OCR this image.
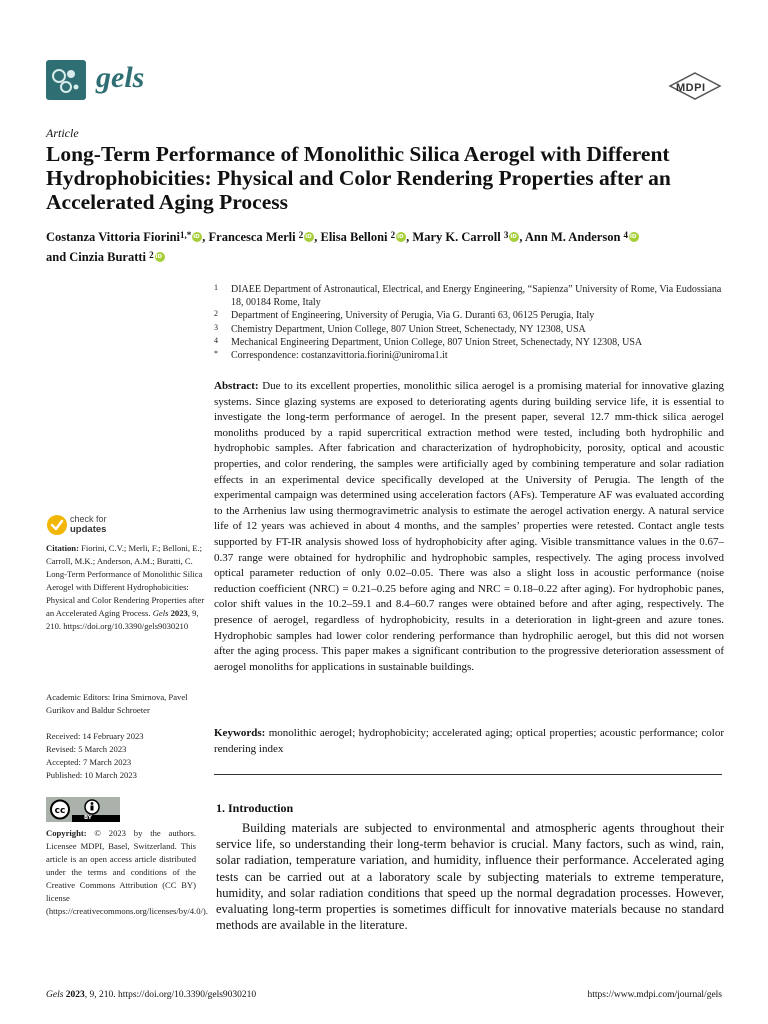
gels	MDPI
Article
Long-Term Performance of Monolithic Silica Aerogel with Different Hydrophobicities: Physical and Color Rendering Properties after an Accelerated Aging Process
Costanza Vittoria Fiorini$^{1,*}$ iD , Francesca Merli $^2$ iD , Elisa Belloni $^2$ iD , Mary K. Carroll $^3$ iD , Ann M. Anderson $^4$iD
and Cinzia Buratti $^2$iD
1	DIAEE Department of Astronautical, Electrical, and Energy Engineering, “Sapienza” University of Rome, Via Eudossiana 18, 00184 Rome, Italy
2	Department of Engineering, University of Perugia, Via G. Duranti 63, 06125 Perugia, Italy
3	Chemistry Department, Union College, 807 Union Street, Schenectady, NY 12308, USA
4	Mechanical Engineering Department, Union College, 807 Union Street, Schenectady, NY 12308, USA
*	Correspondence: costanzavittoria.fiorini@uniroma1.it
Abstract: Due to its excellent properties, monolithic silica aerogel is a promising material for innovative glazing systems. Since glazing systems are exposed to deteriorating agents during building service life, it is essential to investigate the long-term performance of aerogel. In the present paper, several 12.7 mm-thick silica aerogel monoliths produced by a rapid supercritical extraction method were tested, including both hydrophilic and hydrophobic samples. After fabrication and characterization of hydrophobicity, porosity, optical and acoustic properties, and color rendering, the samples were artificially aged by combining temperature and solar radiation effects in an experimental device specifically developed at the University of Perugia. The length of the experimental campaign was determined using acceleration factors (AFs). Temperature AF was evaluated according to the Arrhenius law using thermogravimetric analysis to estimate the aerogel activation energy. A natural service life of 12 years was achieved in about 4 months, and the samples’ properties were retested. Contact angle tests supported by FT-IR analysis showed loss of hydrophobicity after aging. Visible transmittance values in the 0.67–0.37 range were obtained for hydrophilic and hydrophobic samples, respectively. The aging process involved optical parameter reduction of only 0.02–0.05. There was also a slight loss in acoustic performance (noise reduction coefficient (NRC) = 0.21–0.25 before aging and NRC = 0.18–0.22 after aging). For hydrophobic panes, color shift values in the 10.2–59.1 and 8.4–60.7 ranges were obtained before and after aging, respectively. The presence of aerogel, regardless of hydrophobicity, results in a deterioration in light-green and azure tones. Hydrophobic samples had lower color rendering performance than hydrophilic aerogel, but this did not worsen after the aging process. This paper makes a significant contribution to the progressive deterioration assessment of aerogel monoliths for applications in sustainable buildings.
Keywords: monolithic aerogel; hydrophobicity; accelerated aging; optical properties; acoustic performance; color rendering index
1. Introduction
Building materials are subjected to environmental and atmospheric agents throughout their service life, so understanding their long-term behavior is crucial. Many factors, such as wind, rain, solar radiation, temperature variation, and humidity, influence their performance. Accelerated aging tests can be carried out at a laboratory scale by subjecting materials to extreme temperature, humidity, and solar radiation conditions that speed up the normal degradation processes. However, evaluating long-term properties is sometimes difficult for innovative materials because no standard methods are available in the literature.
check for
updates
Citation: Fiorini, C.V.; Merli, F.; Belloni, E.; Carroll, M.K.; Anderson, A.M.; Buratti, C. Long-Term Performance of Monolithic Silica Aerogel with Different Hydrophobicities: Physical and Color Rendering Properties after an Accelerated Aging Process. Gels 2023, 9, 210. https://doi.org/10.3390/gels9030210
Academic Editors: Irina Smirnova, Pavel Gurikov and Baldur Schroeter
Received: 14 February 2023
Revised: 5 March 2023
Accepted: 7 March 2023
Published: 10 March 2023
cc
BY
Copyright: © 2023 by the authors. Licensee MDPI, Basel, Switzerland. This article is an open access article distributed under the terms and conditions of the Creative Commons Attribution (CC BY) license (https://creativecommons.org/licenses/by/4.0/).
Gels 2023, 9, 210. https://doi.org/10.3390/gels9030210	https://www.mdpi.com/journal/gels
